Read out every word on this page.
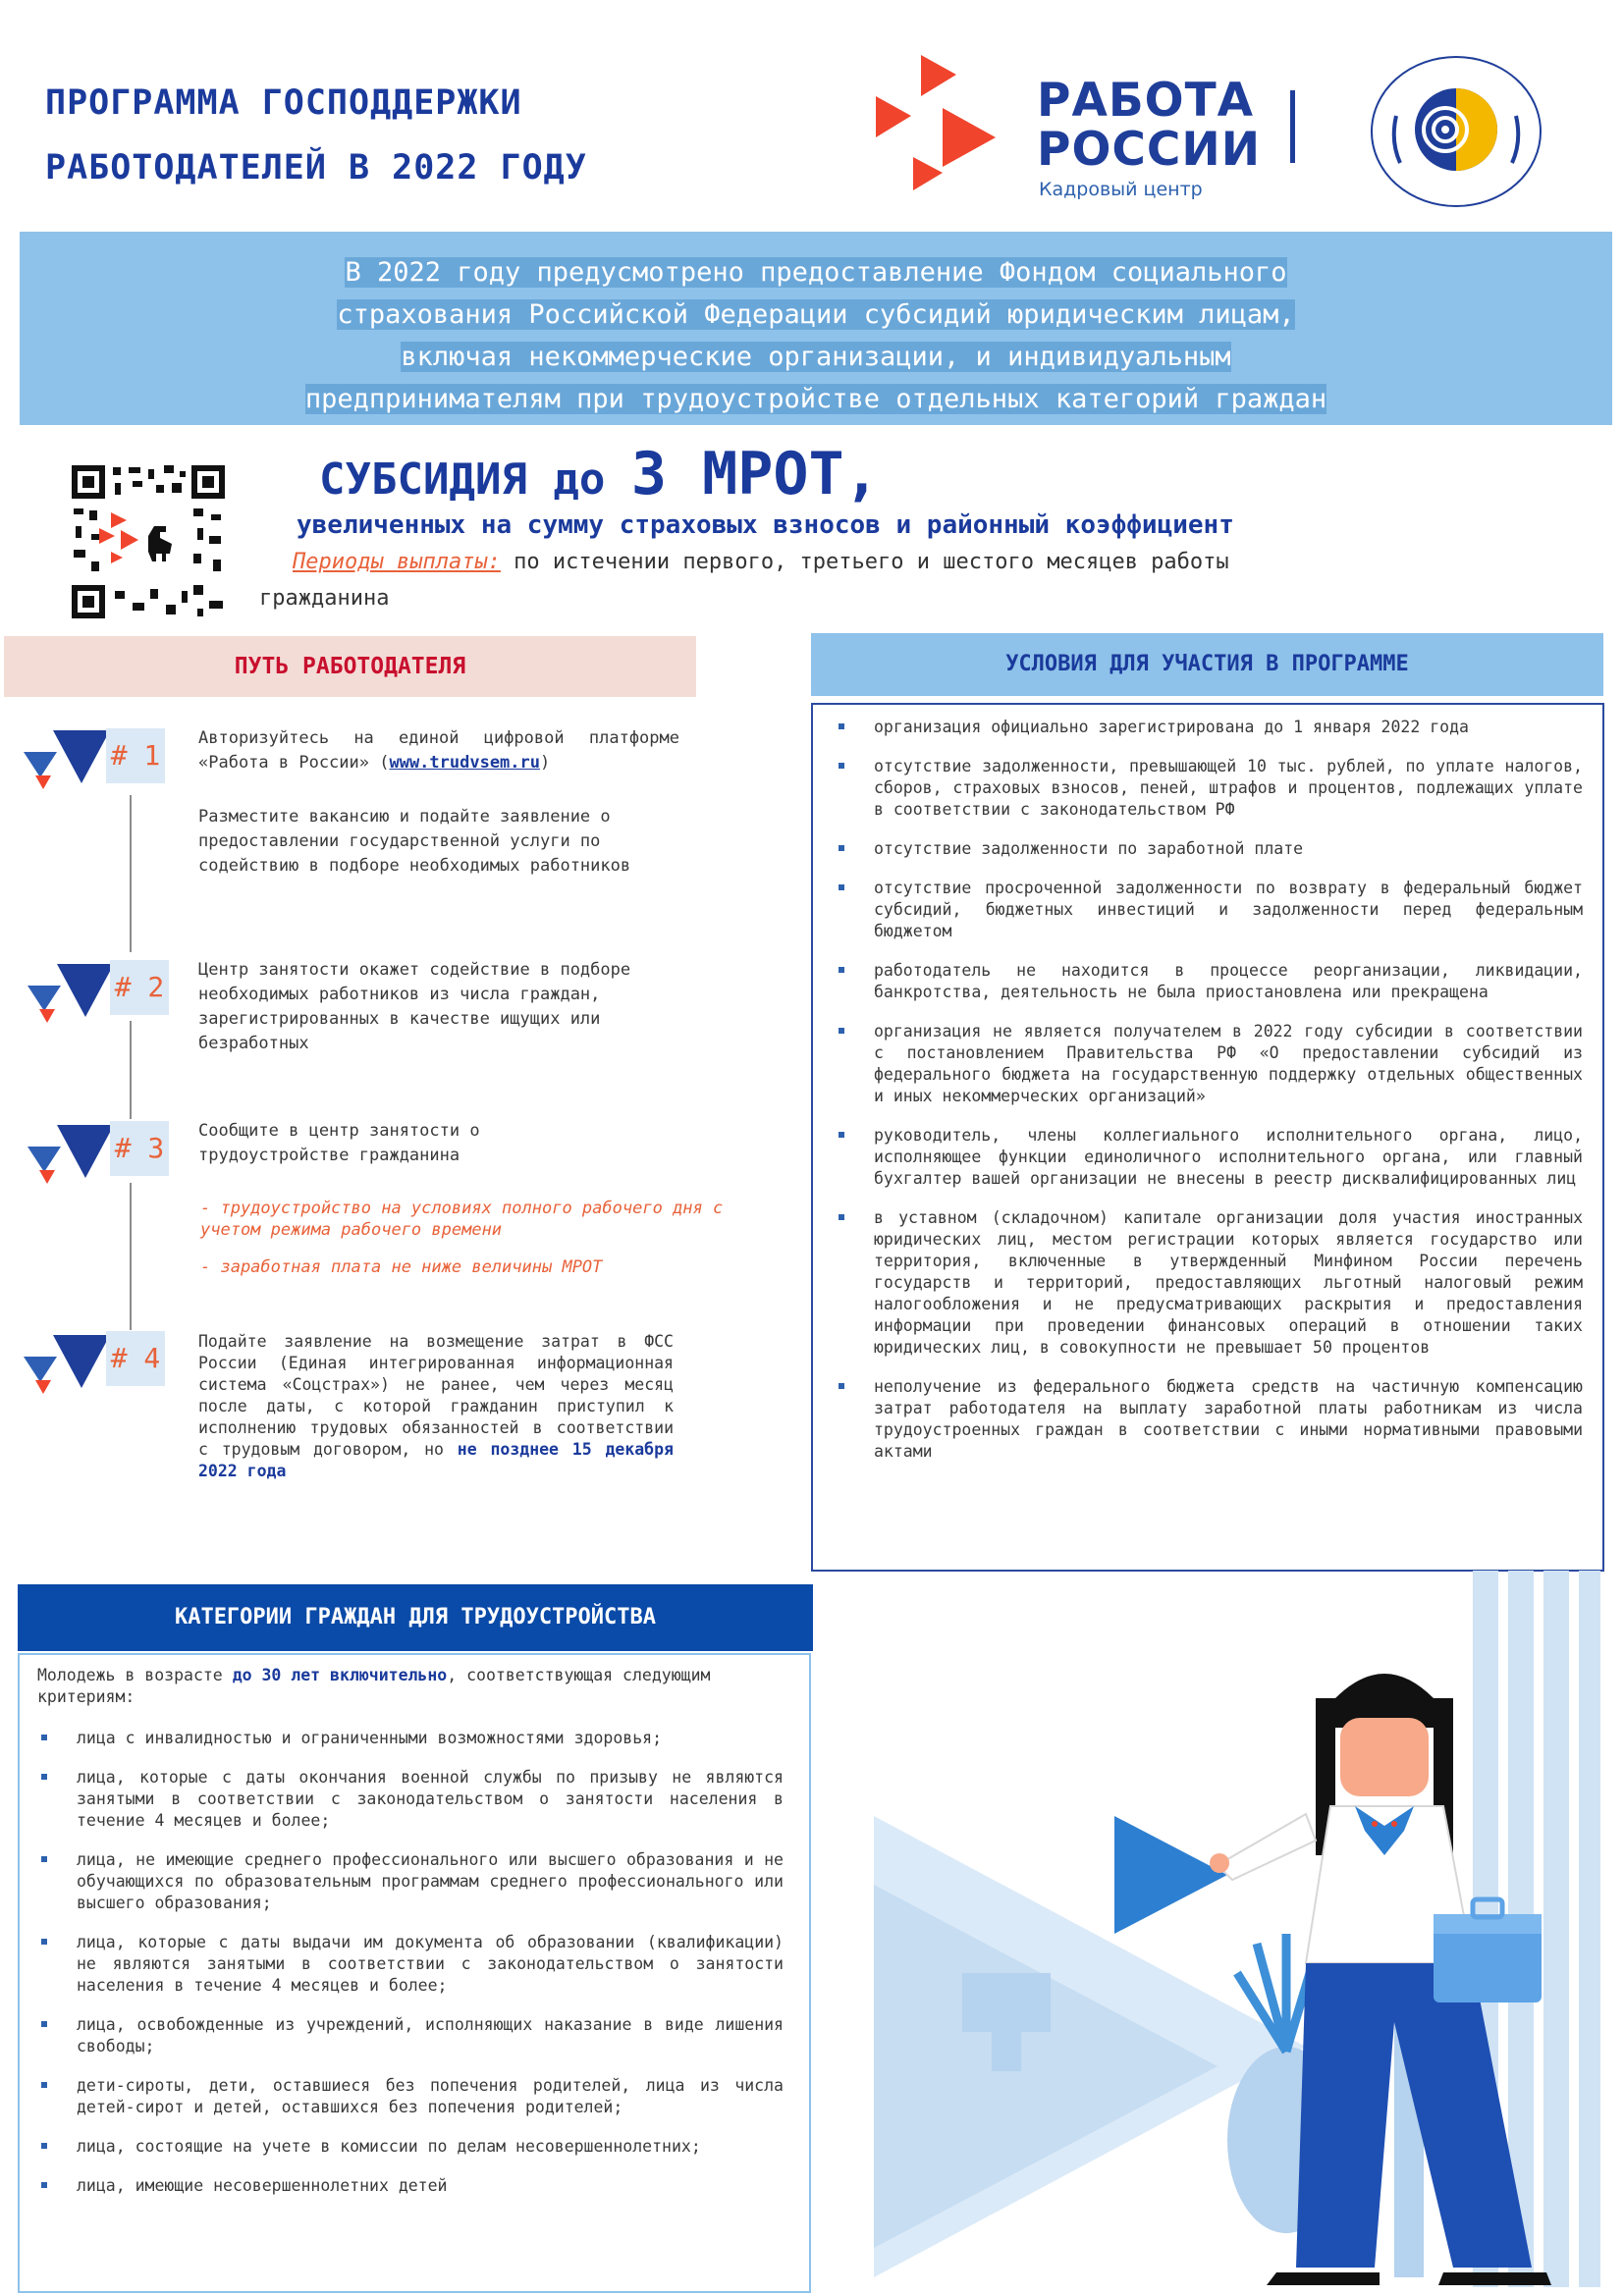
ПРОГРАММА ГОСПОДДЕРЖКИ
РАБОТОДАТЕЛЕЙ В 2022 ГОДУ
РАБОТА
РОССИИ
Кадровый центр
В 2022 году предусмотрено предоставление Фондом социального
страхования Российской Федерации субсидий юридическим лицам,
включая некоммерческие организации, и индивидуальным
предпринимателям при трудоустройстве отдельных категорий граждан
СУБСИДИЯ до 3 МРОТ,
увеличенных на сумму страховых взносов и районный коэффициент
Периоды выплаты: по истечении первого, третьего и шестого месяцев работы
гражданина
ПУТЬ РАБОТОДАТЕЛЯ	УСЛОВИЯ ДЛЯ УЧАСТИЯ В ПРОГРАММЕ
# 1
Авторизуйтесь на единой цифровой платформе «Работа в России» (www.trudvsem.ru)
Разместите вакансию и подайте заявление о предоставлении государственной услуги по содействию в подборе необходимых работников
# 2
Центр занятости окажет содействие в подборе необходимых работников из числа граждан, зарегистрированных в качестве ищущих или безработных
# 3
Сообщите в центр занятости о трудоустройстве гражданина
- трудоустройство на условиях полного рабочего дня с учетом режима рабочего времени
- заработная плата не ниже величины МРОТ
# 4
Подайте заявление на возмещение затрат в ФСС России (Единая интегрированная информационная система «Соцстрах») не ранее, чем через месяц после даты, с которой гражданин приступил к исполнению трудовых обязанностей в соответствии с трудовым договором, но не позднее 15 декабря 2022 года
организация официально зарегистрирована до 1 января 2022 года
отсутствие задолженности, превышающей 10 тыс. рублей, по уплате налогов, сборов, страховых взносов, пеней, штрафов и процентов, подлежащих уплате в соответствии с законодательством РФ
отсутствие задолженности по заработной плате
отсутствие просроченной задолженности по возврату в федеральный бюджет субсидий, бюджетных инвестиций и задолженности перед федеральным бюджетом
работодатель не находится в процессе реорганизации, ликвидации, банкротства, деятельность не была приостановлена или прекращена
организация не является получателем в 2022 году субсидии в соответствии с постановлением Правительства РФ «О предоставлении субсидий из федерального бюджета на государственную поддержку отдельных общественных и иных некоммерческих организаций»
руководитель, члены коллегиального исполнительного органа, лицо, исполняющее функции единоличного исполнительного органа, или главный бухгалтер вашей организации не внесены в реестр дисквалифицированных лиц
в уставном (складочном) капитале организации доля участия иностранных юридических лиц, местом регистрации которых является государство или территория, включенные в утвержденный Минфином России перечень государств и территорий, предоставляющих льготный налоговый режим налогообложения и не предусматривающих раскрытия и предоставления информации при проведении финансовых операций в отношении таких юридических лиц, в совокупности не превышает 50 процентов
неполучение из федерального бюджета средств на частичную компенсацию затрат работодателя на выплату заработной платы работникам из числа трудоустроенных граждан в соответствии с иными нормативными правовыми актами
КАТЕГОРИИ ГРАЖДАН ДЛЯ ТРУДОУСТРОЙСТВА
Молодежь в возрасте до 30 лет включительно, соответствующая следующим критериям:
лица с инвалидностью и ограниченными возможностями здоровья;
лица, которые с даты окончания военной службы по призыву не являются занятыми в соответствии с законодательством о занятости населения в течение 4 месяцев и более;
лица, не имеющие среднего профессионального или высшего образования и не обучающихся по образовательным программам среднего профессионального или высшего образования;
лица, которые с даты выдачи им документа об образовании (квалификации) не являются занятыми в соответствии с законодательством о занятости населения в течение 4 месяцев и более;
лица, освобожденные из учреждений, исполняющих наказание в виде лишения свободы;
дети-сироты, дети, оставшиеся без попечения родителей, лица из числа детей-сирот и детей, оставшихся без попечения родителей;
лица, состоящие на учете в комиссии по делам несовершеннолетних;
лица, имеющие несовершеннолетних детей
